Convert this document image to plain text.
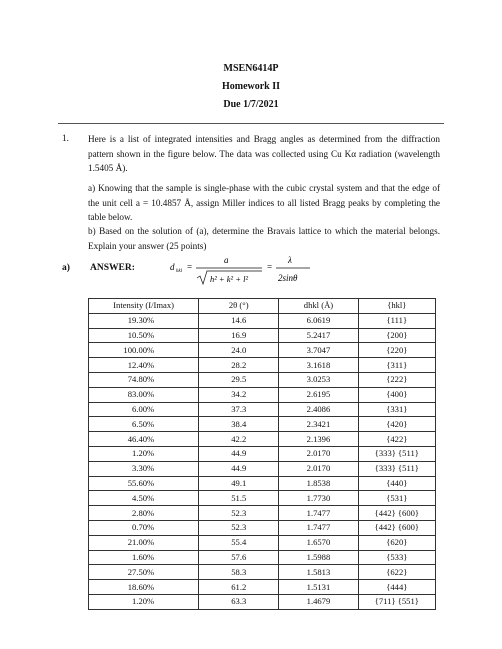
MSEN6414P
Homework II
Due 1/7/2021
1. Here is a list of integrated intensities and Bragg angles as determined from the diffraction pattern shown in the figure below. The data was collected using Cu Kα radiation (wavelength 1.5405 Å).
a) Knowing that the sample is single-phase with the cubic crystal system and that the edge of the unit cell a = 10.4857 Å, assign Miller indices to all listed Bragg peaks by completing the table below.
b) Based on the solution of (a), determine the Bravais lattice to which the material belongs. Explain your answer (25 points)
a) ANSWER:	d hkl =
a
h² + k² + l²
=
λ
2sinθ
Intensity (I/Imax)	2θ (°)	dhkl (Å)	{hkl}
19.30%	14.6	6.0619	{111}
10.50%	16.9	5.2417	{200}
100.00%	24.0	3.7047	{220}
12.40%	28.2	3.1618	{311}
74.80%	29.5	3.0253	{222}
83.00%	34.2	2.6195	{400}
6.00%	37.3	2.4086	{331}
6.50%	38.4	2.3421	{420}
46.40%	42.2	2.1396	{422}
1.20%	44.9	2.0170	{333} {511}
3.30%	44.9	2.0170	{333} {511}
55.60%	49.1	1.8538	{440}
4.50%	51.5	1.7730	{531}
2.80%	52.3	1.7477	{442} {600}
0.70%	52.3	1.7477	{442} {600}
21.00%	55.4	1.6570	{620}
1.60%	57.6	1.5988	{533}
27.50%	58.3	1.5813	{622}
18.60%	61.2	1.5131	{444}
1.20%	63.3	1.4679	{711} {551}
